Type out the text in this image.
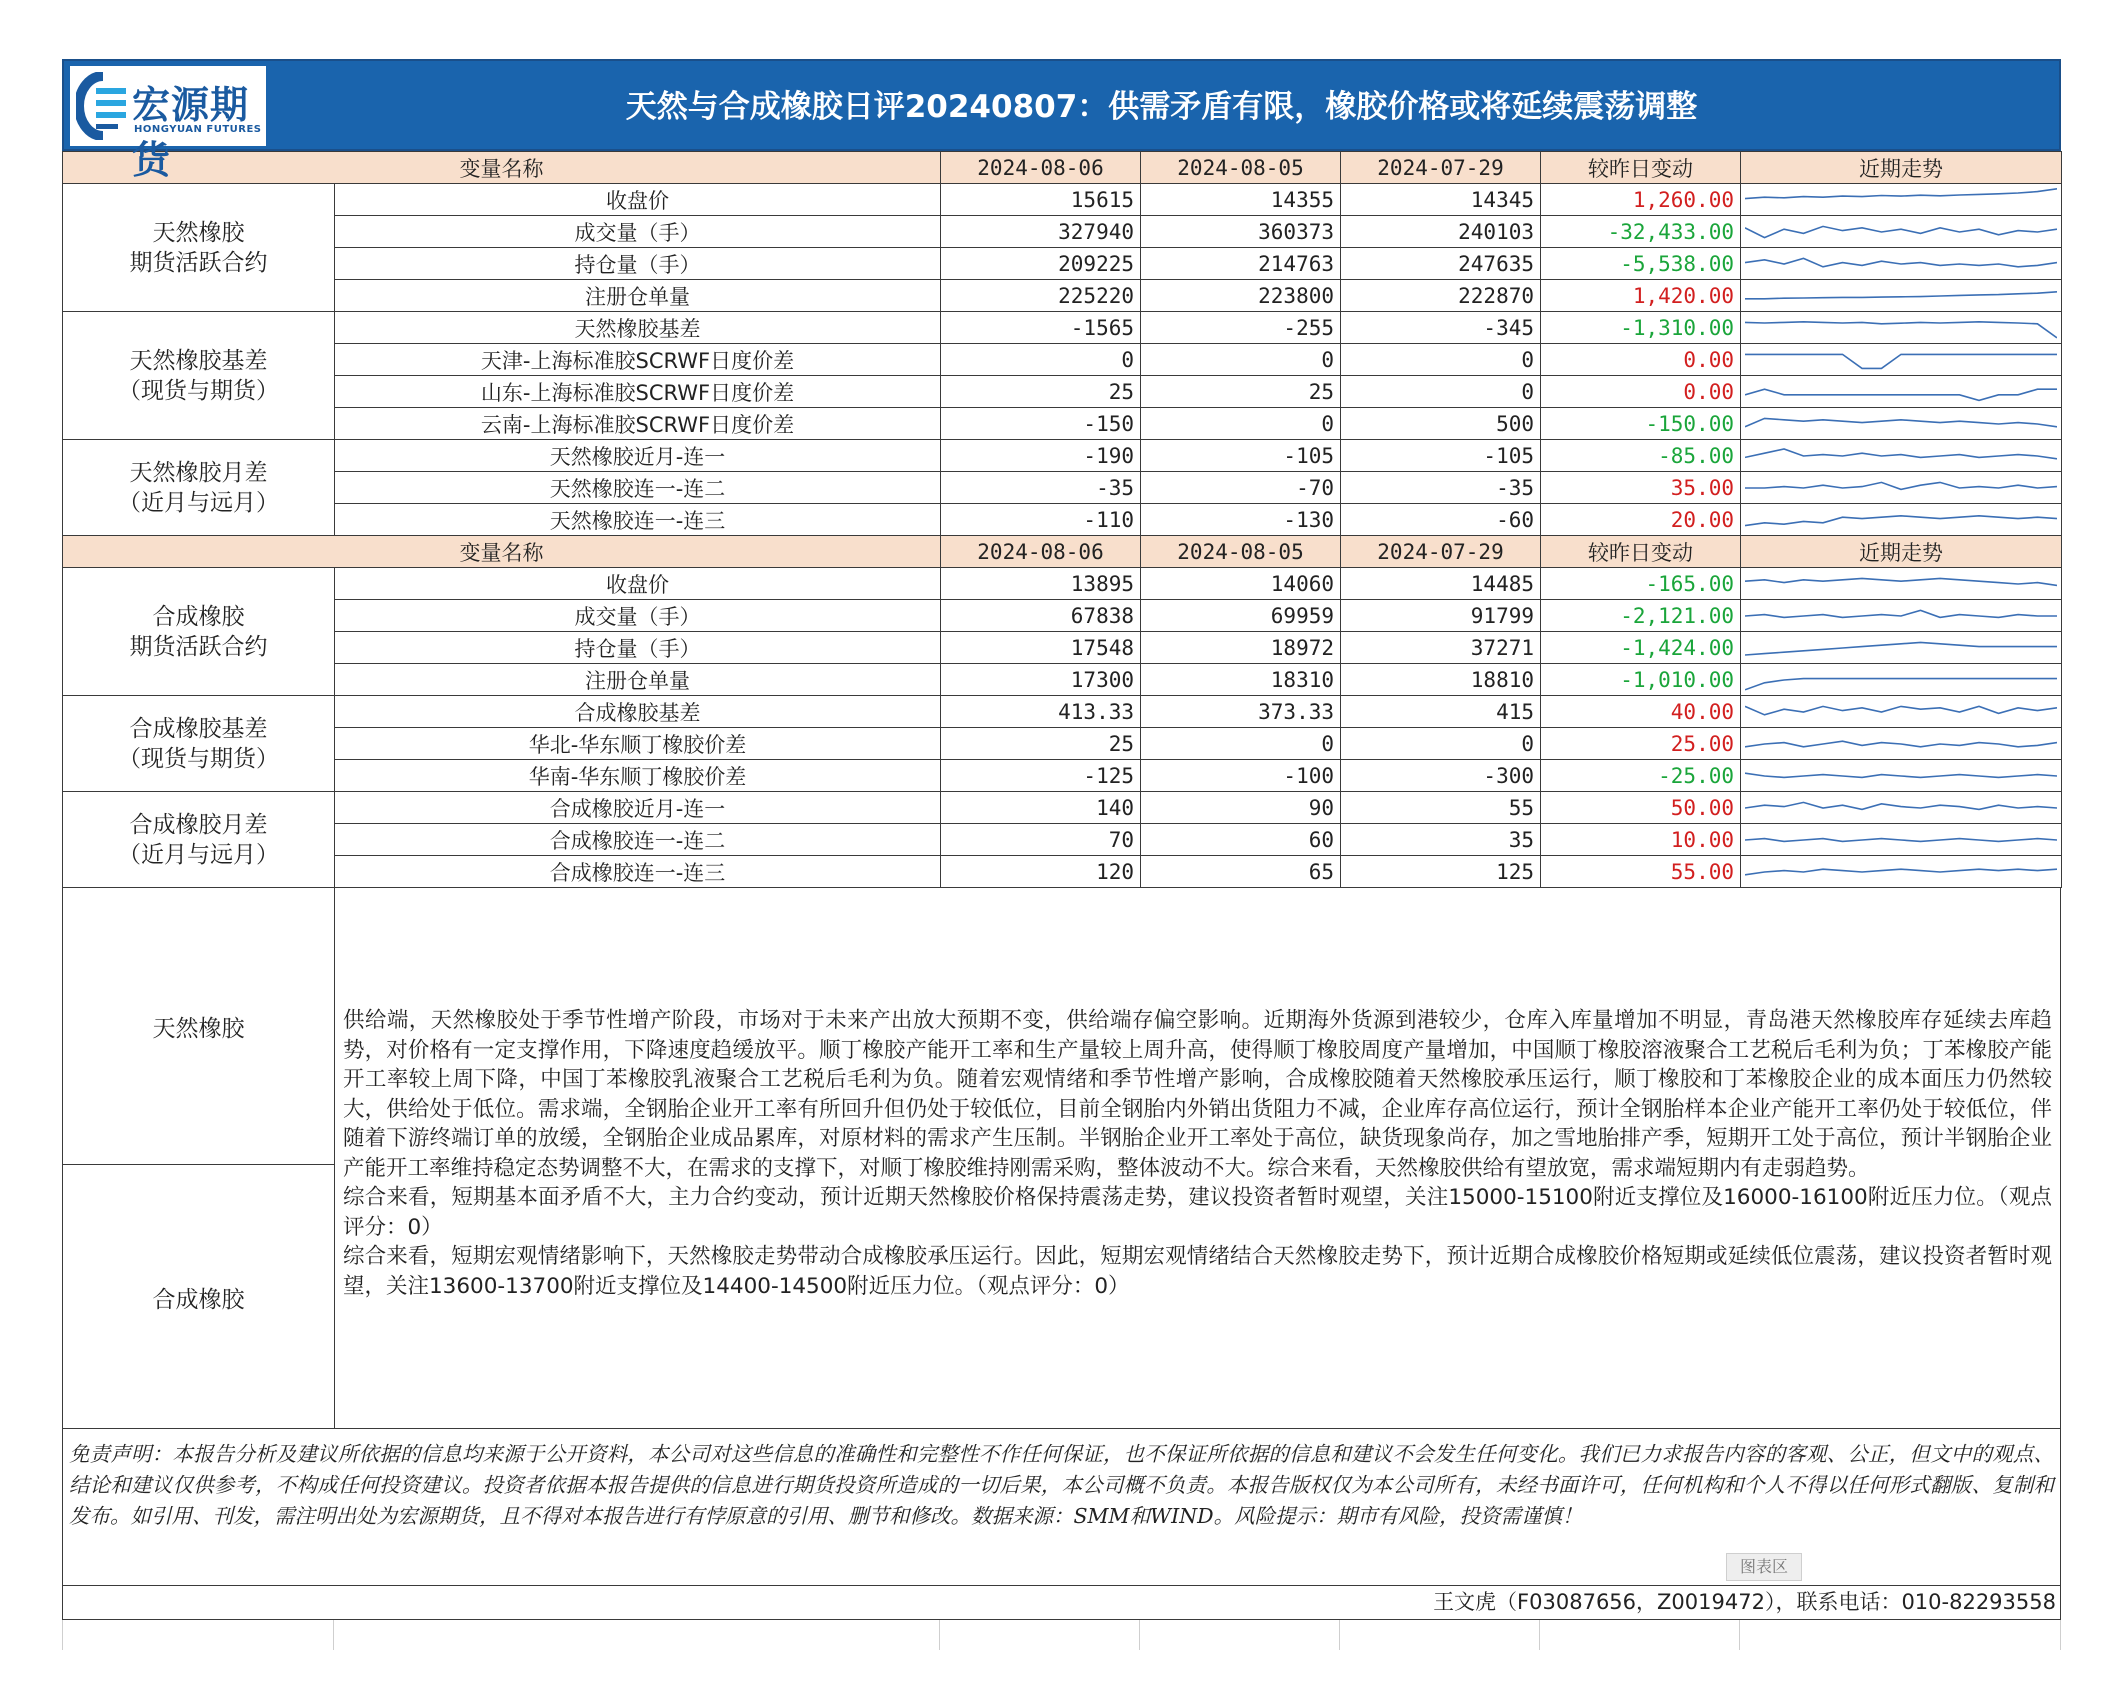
宏源期货
HONGYUAN FUTURES
天然与合成橡胶日评20240807：供需矛盾有限，橡胶价格或将延续震荡调整
变量名称		2024-08-06	2024-08-05	2024-07-29	较昨日变动	近期走势

天然橡胶
期货活跃合约	收盘价	15615	14355	14345	1,260.00	

	成交量（手）	327940	360373	240103	-32,433.00	

	持仓量（手）	209225	214763	247635	-5,538.00	

	注册仓单量	225220	223800	222870	1,420.00	

天然橡胶基差
（现货与期货）	天然橡胶基差	-1565	-255	-345	-1,310.00	

	天津-上海标准胶SCRWF日度价差	0	0	0	0.00	

	山东-上海标准胶SCRWF日度价差	25	25	0	0.00	

	云南-上海标准胶SCRWF日度价差	-150	0	500	-150.00	

天然橡胶月差
（近月与远月）	天然橡胶近月-连一	-190	-105	-105	-85.00	

	天然橡胶连一-连二	-35	-70	-35	35.00	

	天然橡胶连一-连三	-110	-130	-60	20.00	

变量名称		2024-08-06	2024-08-05	2024-07-29	较昨日变动	近期走势

合成橡胶
期货活跃合约	收盘价	13895	14060	14485	-165.00	

	成交量（手）	67838	69959	91799	-2,121.00	

	持仓量（手）	17548	18972	37271	-1,424.00	

	注册仓单量	17300	18310	18810	-1,010.00	

合成橡胶基差
（现货与期货）	合成橡胶基差	413.33	373.33	415	40.00	

	华北-华东顺丁橡胶价差	25	0	0	25.00	

	华南-华东顺丁橡胶价差	-125	-100	-300	-25.00	

合成橡胶月差
（近月与远月）	合成橡胶近月-连一	140	90	55	50.00	

	合成橡胶连一-连二	70	60	35	10.00	

	合成橡胶连一-连三	120	65	125	55.00	
天然橡胶
合成橡胶
供给端，天然橡胶处于季节性增产阶段，市场对于未来产出放大预期不变，供给端存偏空影响。近期海外货源到港较少，仓库入库量增加不明显，青岛港天然橡胶库存延续去库趋势，对价格有一定支撑作用，下降速度趋缓放平。顺丁橡胶产能开工率和生产量较上周升高，使得顺丁橡胶周度产量增加，中国顺丁橡胶溶液聚合工艺税后毛利为负；丁苯橡胶产能开工率较上周下降，中国丁苯橡胶乳液聚合工艺税后毛利为负。随着宏观情绪和季节性增产影响，合成橡胶随着天然橡胶承压运行，顺丁橡胶和丁苯橡胶企业的成本面压力仍然较大，供给处于低位。需求端，全钢胎企业开工率有所回升但仍处于较低位，目前全钢胎内外销出货阻力不减，企业库存高位运行，预计全钢胎样本企业产能开工率仍处于较低位，伴随着下游终端订单的放缓，全钢胎企业成品累库，对原材料的需求产生压制。半钢胎企业开工率处于高位，缺货现象尚存，加之雪地胎排产季，短期开工处于高位，预计半钢胎企业产能开工率维持稳定态势调整不大，在需求的支撑下，对顺丁橡胶维持刚需采购，整体波动不大。综合来看，天然橡胶供给有望放宽，需求端短期内有走弱趋势。
综合来看，短期基本面矛盾不大，主力合约变动，预计近期天然橡胶价格保持震荡走势，建议投资者暂时观望，关注15000-15100附近支撑位及16000-16100附近压力位。（观点评分：0）
综合来看，短期宏观情绪影响下，天然橡胶走势带动合成橡胶承压运行。因此，短期宏观情绪结合天然橡胶走势下，预计近期合成橡胶价格短期或延续低位震荡，建议投资者暂时观望，关注13600-13700附近支撑位及14400-14500附近压力位。（观点评分：0）
免责声明：本报告分析及建议所依据的信息均来源于公开资料，本公司对这些信息的准确性和完整性不作任何保证，也不保证所依据的信息和建议不会发生任何变化。我们已力求报告内容的客观、公正，但文中的观点、结论和建议仅供参考，不构成任何投资建议。投资者依据本报告提供的信息进行期货投资所造成的一切后果，本公司概不负责。本报告版权仅为本公司所有，未经书面许可，任何机构和个人不得以任何形式翻版、复制和发布。如引用、刊发，需注明出处为宏源期货，且不得对本报告进行有悖原意的引用、删节和修改。数据来源：SMM和WIND。风险提示：期市有风险，投资需谨慎！
图表区
王文虎（F03087656，Z0019472），联系电话：010-82293558
